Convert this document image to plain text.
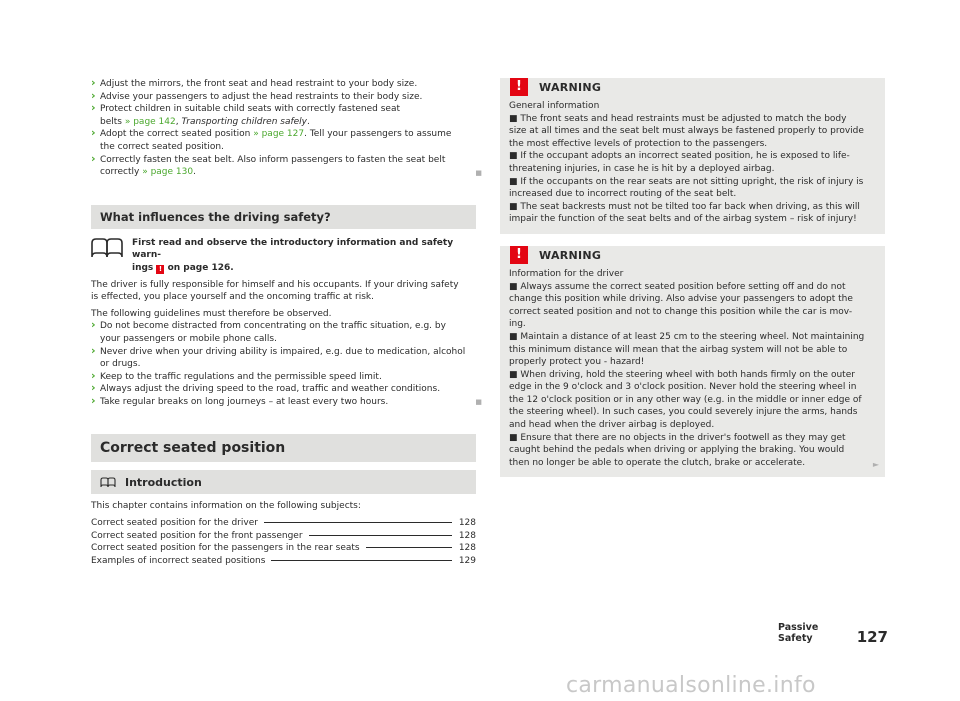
› Adjust the mirrors, the front seat and head restraint to your body size.
› Advise your passengers to adjust the head restraints to their body size.
› Protect children in suitable child seats with correctly fastened seat
belts » page 142, Transporting children safely.
› Adopt the correct seated position » page 127. Tell your passengers to assume
the correct seated position.
› Correctly fasten the seat belt. Also inform passengers to fasten the seat belt
correctly » page 130.	■
What influences the driving safety?
First read and observe the introductory information and safety warn-
ings ! on page 126.

The driver is fully responsible for himself and his occupants. If your driving safety
is effected, you place yourself and the oncoming traffic at risk.

The following guidelines must therefore be observed.

› Do not become distracted from concentrating on the traffic situation, e.g. by
your passengers or mobile phone calls.
› Never drive when your driving ability is impaired, e.g. due to medication, alcohol
or drugs.
› Keep to the traffic regulations and the permissible speed limit.
› Always adjust the driving speed to the road, traffic and weather conditions.
› Take regular breaks on long journeys – at least every two hours.	■
Correct seated position
Introduction

This chapter contains information on the following subjects:

Correct seated position for the driver	128
Correct seated position for the front passenger	128
Correct seated position for the passengers in the rear seats	128
Examples of incorrect seated positions	129
!	WARNING
General information
■ The front seats and head restraints must be adjusted to match the body
size at all times and the seat belt must always be fastened properly to provide
the most effective levels of protection to the passengers.
■ If the occupant adopts an incorrect seated position, he is exposed to life-
threatening injuries, in case he is hit by a deployed airbag.
■ If the occupants on the rear seats are not sitting upright, the risk of injury is
increased due to incorrect routing of the seat belt.
■ The seat backrests must not be tilted too far back when driving, as this will
impair the function of the seat belts and of the airbag system – risk of injury!
!	WARNING
Information for the driver
■ Always assume the correct seated position before setting off and do not
change this position while driving. Also advise your passengers to adopt the
correct seated position and not to change this position while the car is mov-
ing.
■ Maintain a distance of at least 25 cm to the steering wheel. Not maintaining
this minimum distance will mean that the airbag system will not be able to
properly protect you - hazard!
■ When driving, hold the steering wheel with both hands firmly on the outer
edge in the 9 o'clock and 3 o'clock position. Never hold the steering wheel in
the 12 o'clock position or in any other way (e.g. in the middle or inner edge of
the steering wheel). In such cases, you could severely injure the arms, hands
and head when the driver airbag is deployed.
■ Ensure that there are no objects in the driver's footwell as they may get
caught behind the pedals when driving or applying the braking. You would
then no longer be able to operate the clutch, brake or accelerate.	►
Passive Safety	127
carmanualsonline.info
